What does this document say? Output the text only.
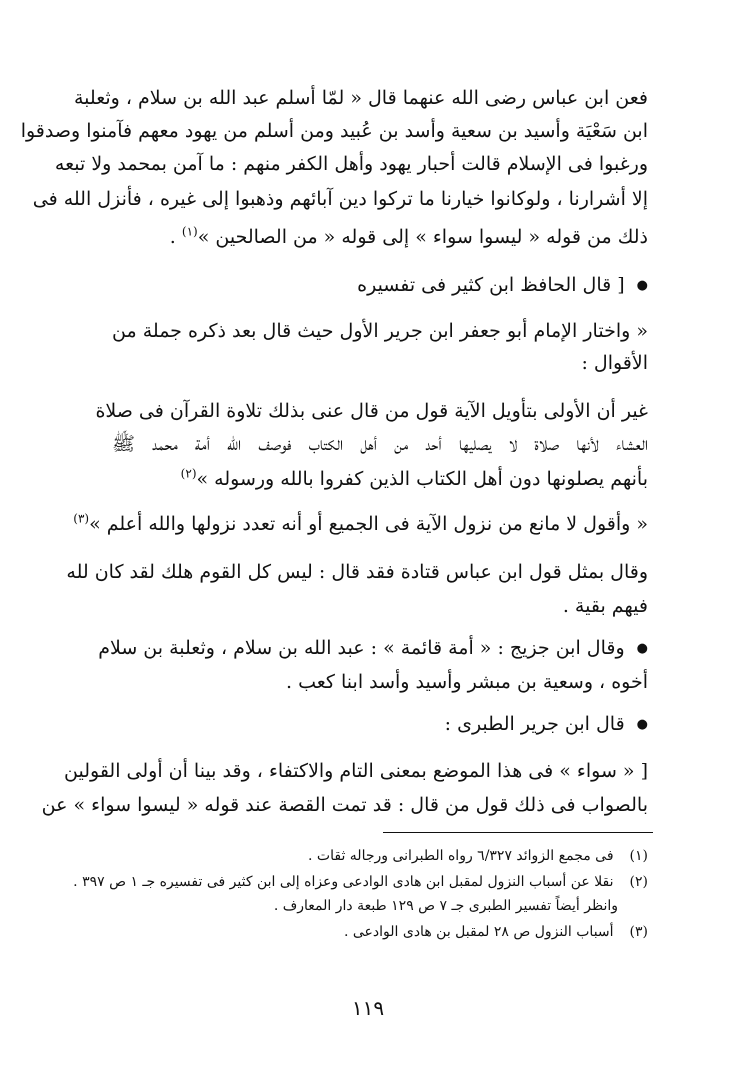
فعن ابن عباس رضى الله عنهما قال « لمّا أسلم عبد الله بن سلام ، وثعلبة
ابن سَعْيَة وأسيد بن سعية وأسد بن عُبيد ومن أسلم من يهود معهم فآمنوا وصدقوا
ورغبوا فى الإسلام قالت أحبار يهود وأهل الكفر منهم : ما آمن بمحمد ولا تبعه
إلا أشرارنا ، ولوكانوا خيارنا ما تركوا دين آبائهم وذهبوا إلى غيره ، فأنزل الله فى
ذلك من قوله « ليسوا سواء » إلى قوله « من الصالحين »$^{(١)}$ .
● [ قال الحافظ ابن كثير فى تفسيره
« واختار الإمام أبو جعفر ابن جرير الأول حيث قال بعد ذكره جملة من
الأقوال :
غير أن الأولى بتأويل الآية قول من قال عنى بذلك تلاوة القرآن فى صلاة
العشاء لأنها صلاة لا يصليها أحد من أهل الكتاب فوصف الله أمة محمد ﷺ
بأنهم يصلونها دون أهل الكتاب الذين كفروا بالله ورسوله »$^{(٢)}$
« وأقول لا مانع من نزول الآية فى الجميع أو أنه تعدد نزولها والله أعلم »$^{(٣)}$
وقال بمثل قول ابن عباس قتادة فقد قال : ليس كل القوم هلك لقد كان لله
فيهم بقية .
● وقال ابن جزيج : « أمة قائمة » : عبد الله بن سلام ، وثعلبة بن سلام
أخوه ، وسعية بن مبشر وأسيد وأسد ابنا كعب .
● قال ابن جرير الطبرى :
[ « سواء » فى هذا الموضع بمعنى التام والاكتفاء ، وقد بينا أن أولى القولين
بالصواب فى ذلك قول من قال : قد تمت القصة عند قوله « ليسوا سواء » عن
(١) فى مجمع الزوائد ٦/٣٢٧ رواه الطبرانى ورجاله ثقات .
(٢) نقلا عن أسباب النزول لمقبل ابن هادى الوادعى وعزاه إلى ابن كثير فى تفسيره جـ ١ ص ٣٩٧ .
وانظر أيضاً تفسير الطبرى جـ ٧ ص ١٢٩ طبعة دار المعارف .
(٣) أسباب النزول ص ٢٨ لمقبل بن هادى الوادعى .
١١٩
